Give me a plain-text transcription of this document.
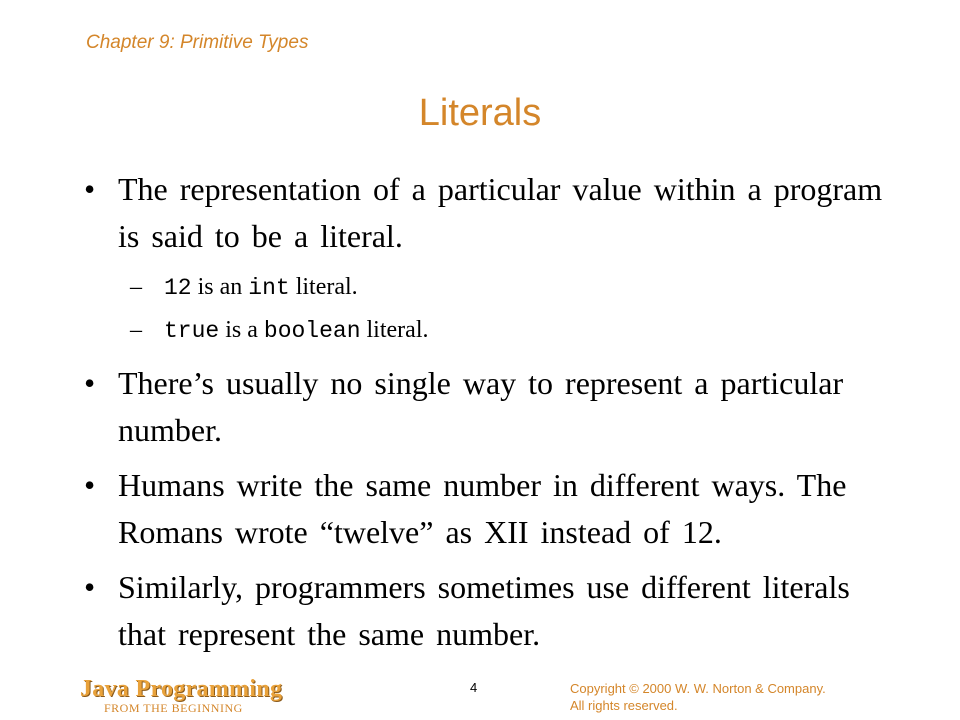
Chapter 9: Primitive Types
Literals
• The representation of a particular value within a program is said to be a literal.
– 12 is an int literal.
– true is a boolean literal.
• There’s usually no single way to represent a particular number.
• Humans write the same number in different ways. The Romans wrote “twelve” as XII instead of 12.
• Similarly, programmers sometimes use different literals that represent the same number.
Java Programming
FROM THE BEGINNING
4	Copyright © 2000 W. W. Norton & Company.
All rights reserved.
